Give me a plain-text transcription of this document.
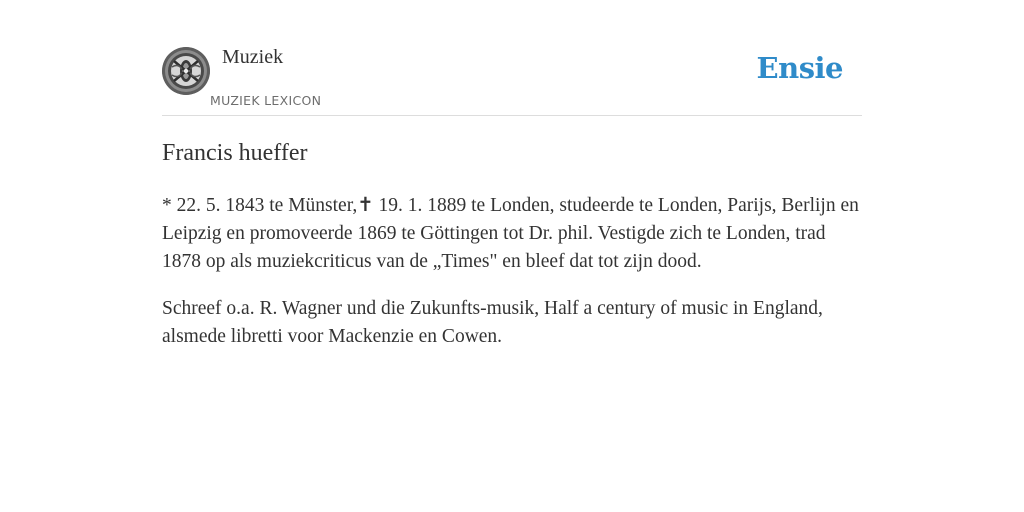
Muziek
MUZIEK LEXICON
Ensie
Francis hueffer

* 22. 5. 1843 te Münster,✝ 19. 1. 1889 te Londen, studeerde te Londen, Parijs, Berlijn en Leipzig en promoveerde 1869 te Göttingen tot Dr. phil. Vestigde zich te Londen, trad 1878 op als muziekcriticus van de „Times" en bleef dat tot zijn dood.

Schreef o.a. R. Wagner und die Zukunfts-musik, Half a century of music in England, alsmede libretti voor Mackenzie en Cowen.
